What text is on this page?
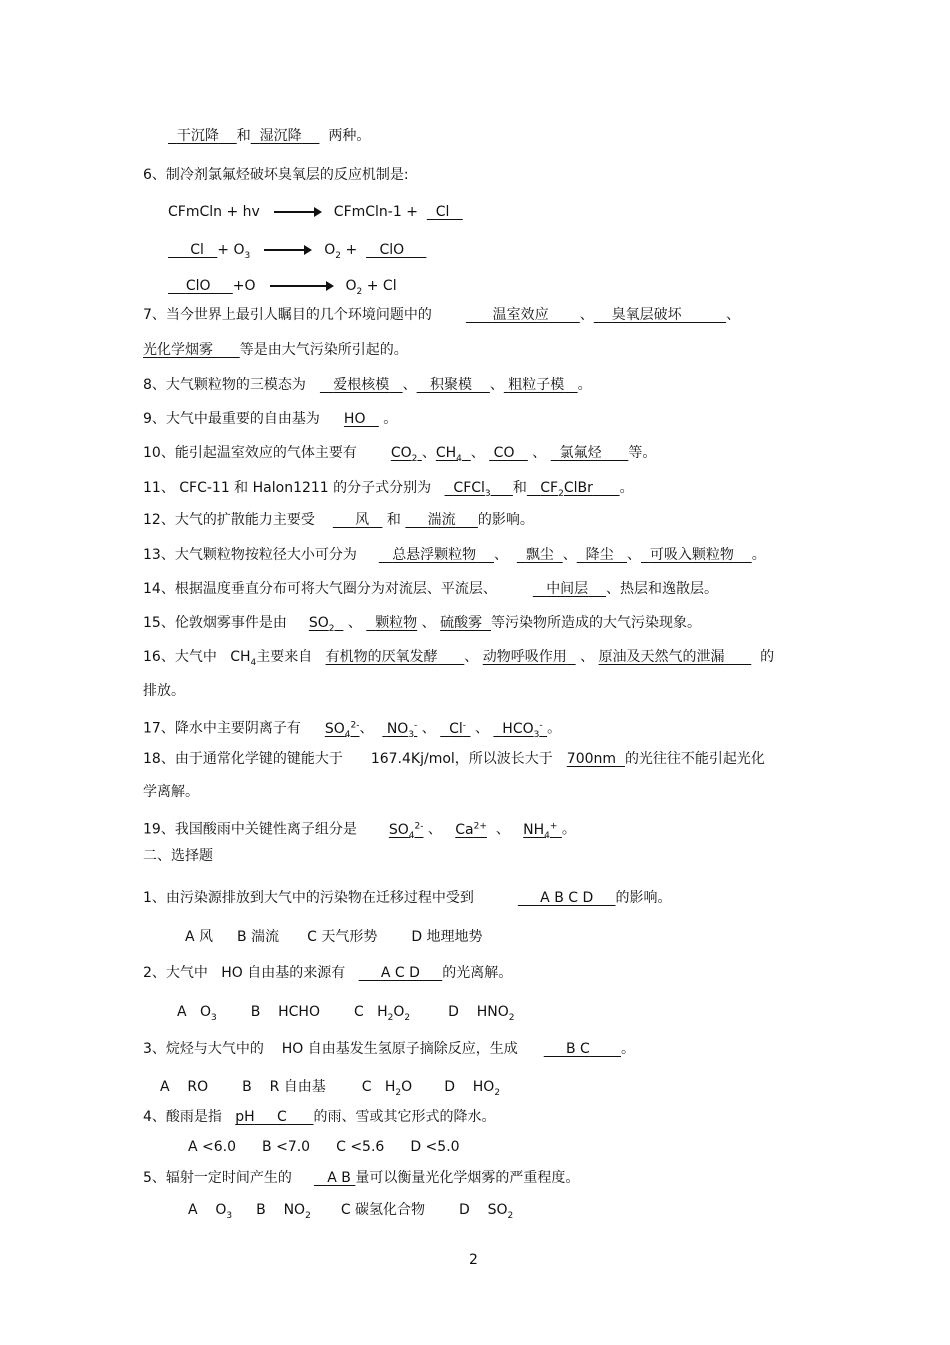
干沉降 和 湿沉降 两种。
6、制冷剂氯氟烃破坏臭氧层的反应机制是:
CFmCln + hv	CFmCln-1 + Cl
$Cl + O_3$	$O_2$ + ClO
ClO +O	$O_2 + Cl$
7、当今世界上最引人瞩目的几个环境问题中的	温室效应 、 臭氧层破坏	、
光化学烟雾 等是由大气污染所引起的。
8、大气颗粒物的三模态为 爱根核模 、 积聚模 、 粗粒子模 。
9、大气中最重要的自由基为 HO 。
10、能引起温室效应的气体主要有 $CO_2$ 、$CH_4$ 、 CO 、 氯氟烃 等。
11、 CFC-11 和 Halon1211 的分子式分别为 CFCl$_3$ 和 $CF_2ClBr$ 。
12、大气的扩散能力主要受	风 和 湍流 的影响。
13、大气颗粒物按粒径大小可分为	总悬浮颗粒物 、 飘尘 、 降尘 、 可吸入颗粒物 。
14、根据温度垂直分布可将大气圈分为对流层、平流层、	中间层 、热层和逸散层。
15、伦敦烟雾事件是由 $SO_2$ 、 颗粒物 、 硫酸雾 等污染物所造成的大气污染现象。
16、大气中 $CH_4$主要来自 有机物的厌氧发酵 、 动物呼吸作用 、 原油及天然气的泄漏	的
排放。
17、降水中主要阴离子有 $SO_4^{2-}$、 $NO_3^-$ 、 Cl- 、 $HCO_3^-$ 。
18、由于通常化学键的键能大于 167.4Kj/mol，所以波长大于 700nm 的光往往不能引起光化
学离解。
19、我国酸雨中关键性离子组分是 $SO_4^{2-}$ 、 $Ca^{2+}$ 、 $NH_4^+$ 。
二、选择题
1、由污染源排放到大气中的污染物在迁移过程中受到	A B C D 的影响。
A 风 B 湍流 C 天气形势 D 地理地势
2、大气中 HO 自由基的来源有	A C D 的光离解。
A $O_3$ B HCHO C $H_2O_2$	D $HNO_2$
3、烷烃与大气中的 HO 自由基发生氢原子摘除反应，生成	B C 。
A RO B R 自由基	C $H_2O$ D $HO_2$
4、酸雨是指 pH C 的雨、雪或其它形式的降水。
A <6.0 B <7.0 C <5.6 D <5.0
5、辐射一定时间产生的	A B 量可以衡量光化学烟雾的严重程度。
A $O_3$ B $NO_2$ C 碳氢化合物 D $SO_2$
2
